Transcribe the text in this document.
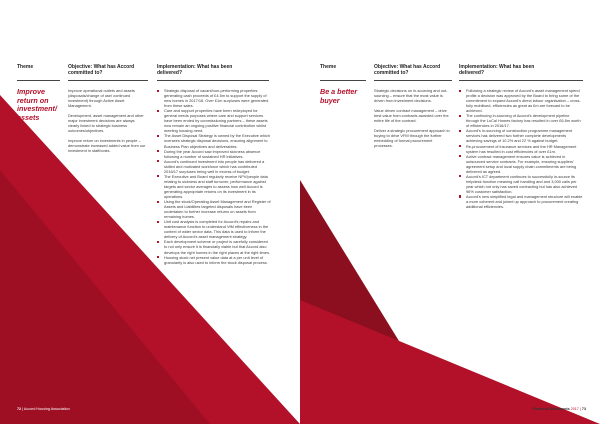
Theme	Objective: What has Accord committed to?
Implementation: What has been delivered?
Improve return on investment/ assets

Improve operational outlets and assets (disposals/change of use/ continued investment) through Active Asset Management.

Development, asset management and other major investment decisions are always clearly linked to strategic business outcomes/objectives.

Improve return on investments in people – demonstrate increased added value from our investment in staff/costs.

Strategic disposal of vacant/non-performing properties generating cash proceeds of £4.5m to support the supply of new homes in 2017/18. Over £1m surpluses were generated from these sales.
Care and support properties have been redeployed for general needs purposes where care and support services have been ended by commissioning partners – these assets now remain an ongoing positive financial contribution whilst meeting housing need.
The Asset Disposal Strategy is owned by the Executive which oversees strategic disposal decisions, ensuring alignment to Business Plan objectives and deliverables.
During the year Accord saw improved sickness absence following a number of sustained HR initiatives.
Accord's continued investment into people has delivered a skilled and motivated workforce which has contributed 2016/17 surpluses being well in excess of budget.
The Executive and Board regularly receive NPV/people data relating to sickness and staff turnover, performance against targets and sector averages to assess how well Accord is generating appropriate returns on its investment in its operations.
Using the stock/Operating Asset Management and Register of Assets and Liabilities targeted disposals have been undertaken to further increase returns on assets from remaining homes.
Unit cost analysis is completed for Accord's repairs and maintenance function to understand VfM effectiveness in the context of wider sector data. This data is used to inform the delivery of Accord's asset management strategy.
Each development scheme or project is carefully considered to not only ensure it is financially viable but that Accord also develops the right homes in the right places at the right times.
Housing stock net present value data at a per unit level of granularity is also used to inform the stock disposal process.
72 | Accord Housing Association
Theme	Objective: What has Accord committed to?
Implementation: What has been delivered?
Be a better buyer

Strategic decisions on in-sourcing and out-sourcing – ensure that the most value is driven from investment decisions.

Value driven contract management – drive best value from contracts awarded over the entire life of the contract.

Deliver a strategic procurement approach to buying to drive VFM through the further embedding of formal procurement processes.

Following a strategic review of Accord's asset management spend profile a decision was approved by the Board to bring some of the commitment to expand Accord's direct labour organisation – cross-fully mobilised, efficiencies as great as £m are forecast to be achieved.
The continuing in-sourcing of Accord's development pipeline through the LoCal Homes factory has resulted in over £6.8m worth of efficiencies in 2016/17.
Accord's in-sourcing of construction programme management services has delivered two further complete developments achieving savings of 10.2% and 22 % against budget.
Re-procurement of insurance services and the HR Management system has resulted in cost efficiencies of over £1m.
Active contract management ensures value is achieved in outsourced service contracts. For example, ensuring suppliers' agreement setup and local supply chain commitments are being delivered as agreed.
Accord's ICT department continues to successfully in-source its helpdesk function meaning call handling and and 3,000 calls per year which not only has saved contracting but has also achieved 96% customer satisfaction.
Accord's new simplified legal and management structure will enable a more coherent and joined up approach to procurement creating additional efficiencies.
Financial Statements 2017 | 73
